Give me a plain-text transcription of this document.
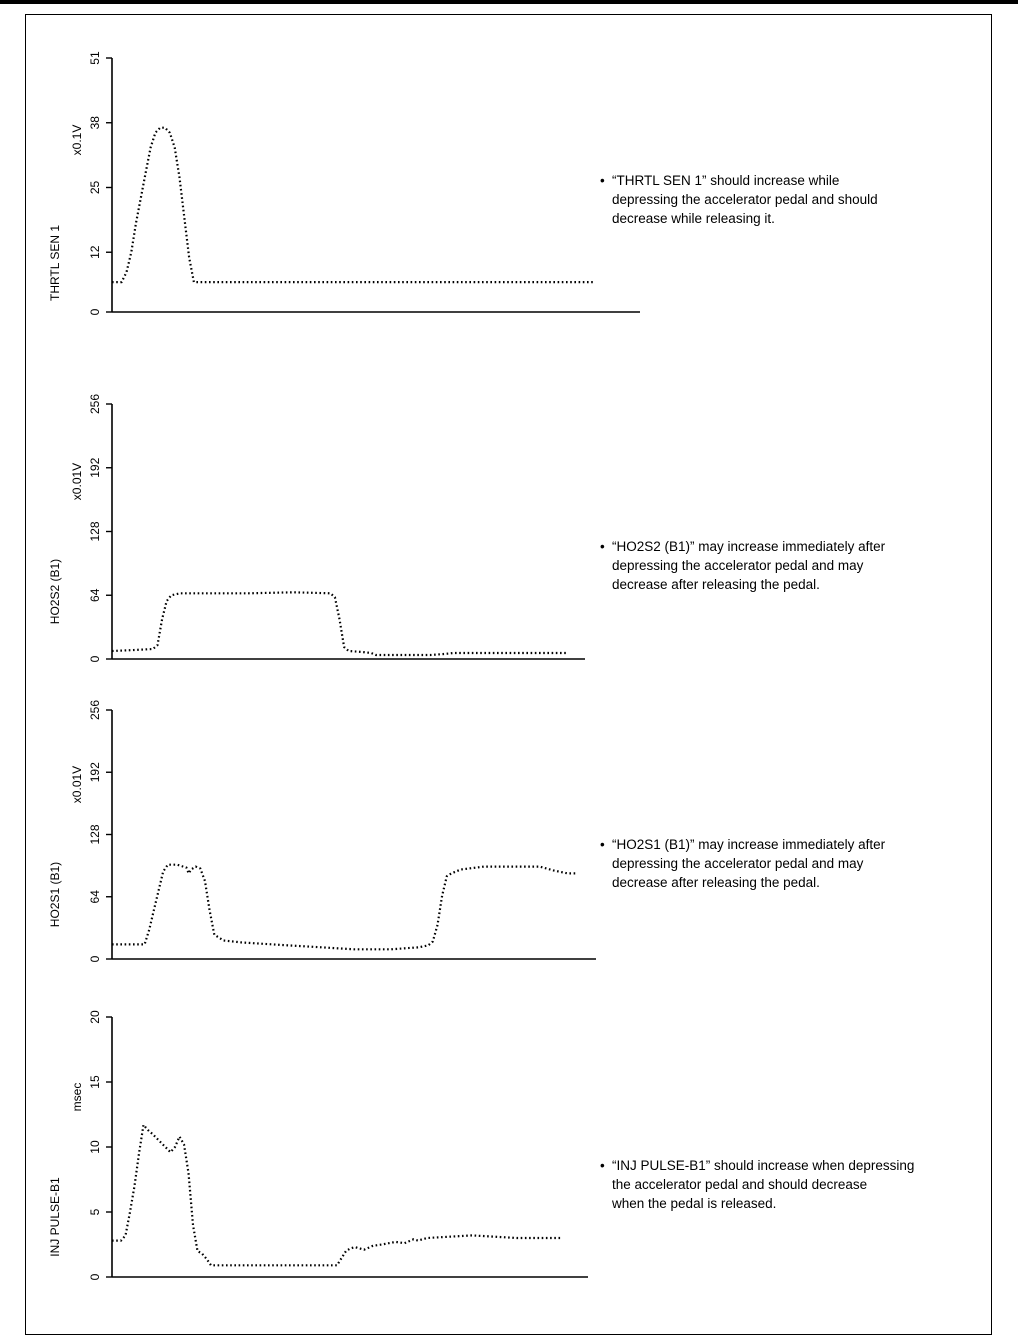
0
12
25
38
51
THRTL SEN 1
x0.1V
0
64
128
192
256
HO2S2 (B1)
x0.01V
0
64
128
192
256
HO2S1 (B1)
x0.01V
0
5
10
15
20
INJ PULSE-B1
msec
• “THRTL SEN 1” should increase while
depressing the accelerator pedal and should
decrease while releasing it.
• “HO2S2 (B1)” may increase immediately after
depressing the accelerator pedal and may
decrease after releasing the pedal.
• “HO2S1 (B1)” may increase immediately after
depressing the accelerator pedal and may
decrease after releasing the pedal.
• “INJ PULSE-B1” should increase when depressing
the accelerator pedal and should decrease
when the pedal is released.
